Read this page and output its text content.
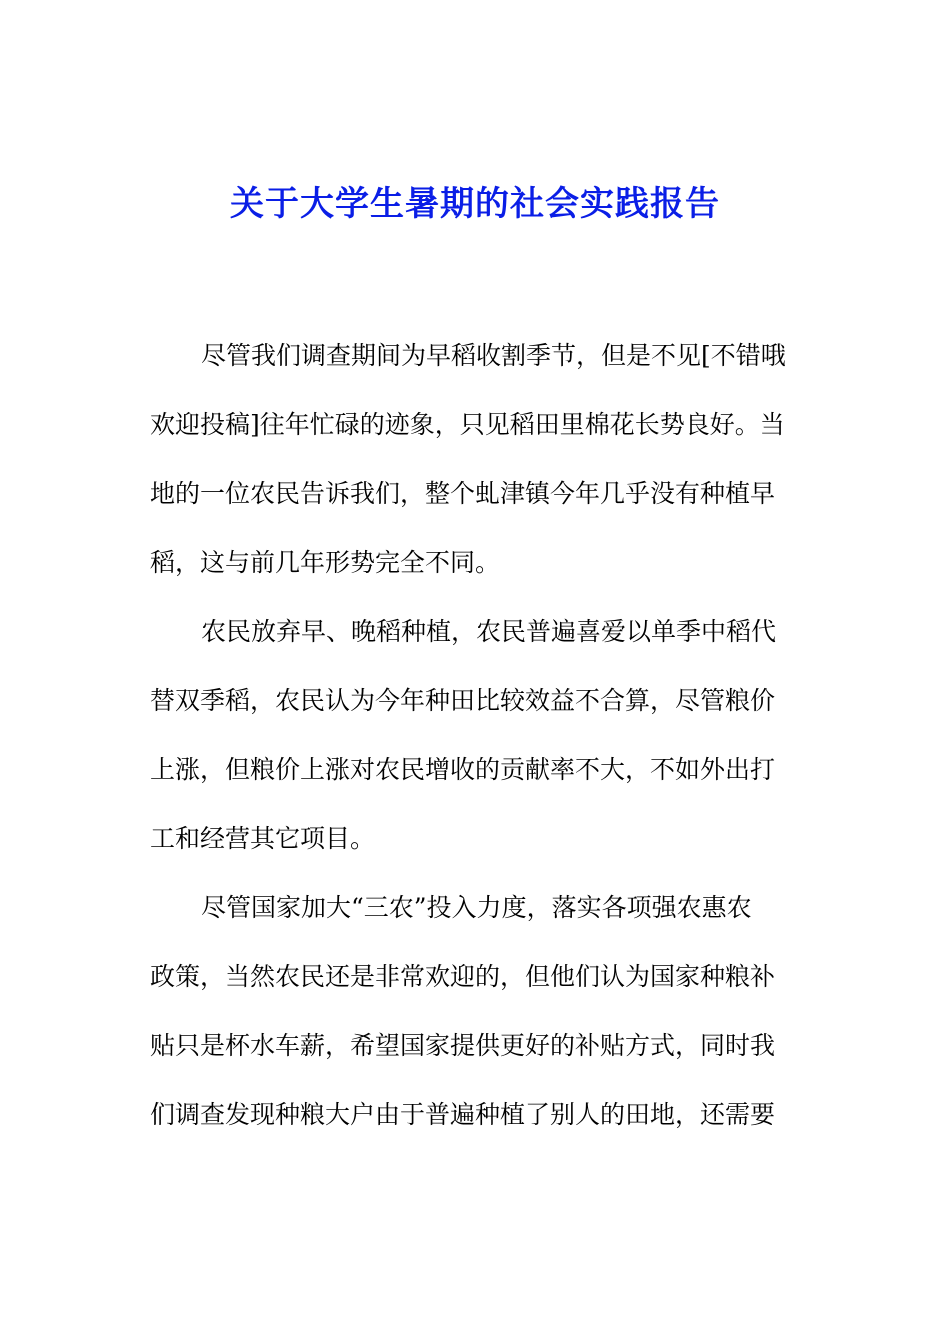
关于大学生暑期的社会实践报告
尽管我们调查期间为早稻收割季节，但是不见[不错哦
欢迎投稿]往年忙碌的迹象，只见稻田里棉花长势良好。当
地的一位农民告诉我们，整个虬津镇今年几乎没有种植早
稻，这与前几年形势完全不同。
农民放弃早、晚稻种植，农民普遍喜爱以单季中稻代
替双季稻，农民认为今年种田比较效益不合算，尽管粮价
上涨，但粮价上涨对农民增收的贡献率不大，不如外出打
工和经营其它项目。
尽管国家加大“三农”投入力度，落实各项强农惠农
政策，当然农民还是非常欢迎的，但他们认为国家种粮补
贴只是杯水车薪，希望国家提供更好的补贴方式，同时我
们调查发现种粮大户由于普遍种植了别人的田地，还需要
